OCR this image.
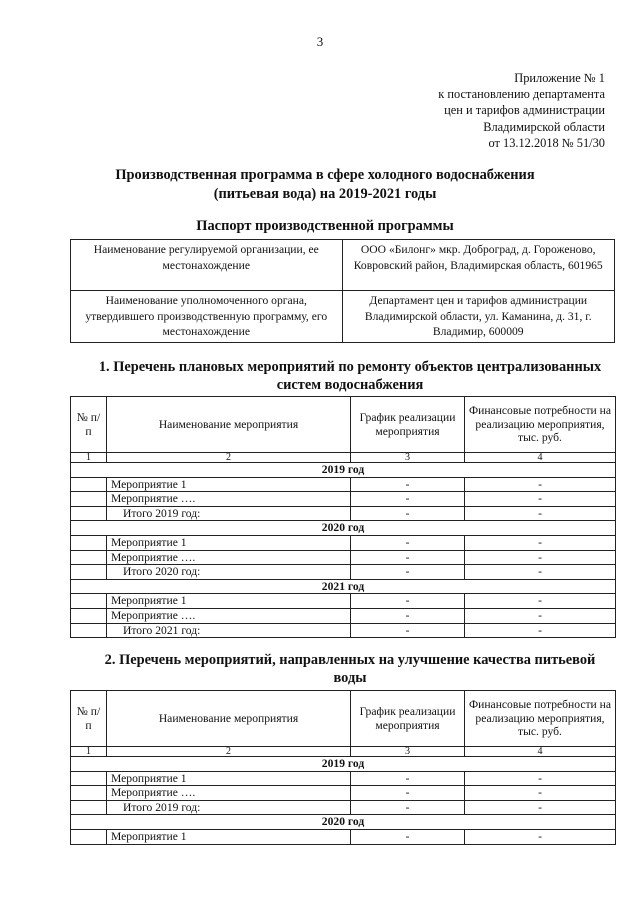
3
Приложение № 1
к постановлению департамента
цен и тарифов администрации
Владимирской области
от 13.12.2018 № 51/30
Производственная программа в сфере холодного водоснабжения
(питьевая вода) на 2019-2021 годы
Паспорт производственной программы
Наименование регулируемой организации, ее местонахождение	ООО «Билонг» мкр. Доброград, д. Гороженово, Ковровский район, Владимирская область, 601965
Наименование уполномоченного органа, утвердившего производственную программу, его местонахождение	Департамент цен и тарифов администрации Владимирской области, ул. Каманина, д. 31, г. Владимир, 600009
1. Перечень плановых мероприятий по ремонту объектов централизованных систем водоснабжения
№ п/п	Наименование мероприятия	График реализации мероприятия	Финансовые потребности на реализацию мероприятия, тыс. руб.
1	2	3	4
2019 год			
	Мероприятие 1	-	-
	Мероприятие ….	-	-
	Итого 2019 год:	-	-
2020 год			
	Мероприятие 1	-	-
	Мероприятие ….	-	-
	Итого 2020 год:	-	-
2021 год			
	Мероприятие 1	-	-
	Мероприятие ….	-	-
	Итого 2021 год:	-	-
2. Перечень мероприятий, направленных на улучшение качества питьевой воды
№ п/п	Наименование мероприятия	График реализации мероприятия	Финансовые потребности на реализацию мероприятия, тыс. руб.
1	2	3	4
2019 год			
	Мероприятие 1	-	-
	Мероприятие ….	-	-
	Итого 2019 год:	-	-
2020 год			
	Мероприятие 1	-	-
